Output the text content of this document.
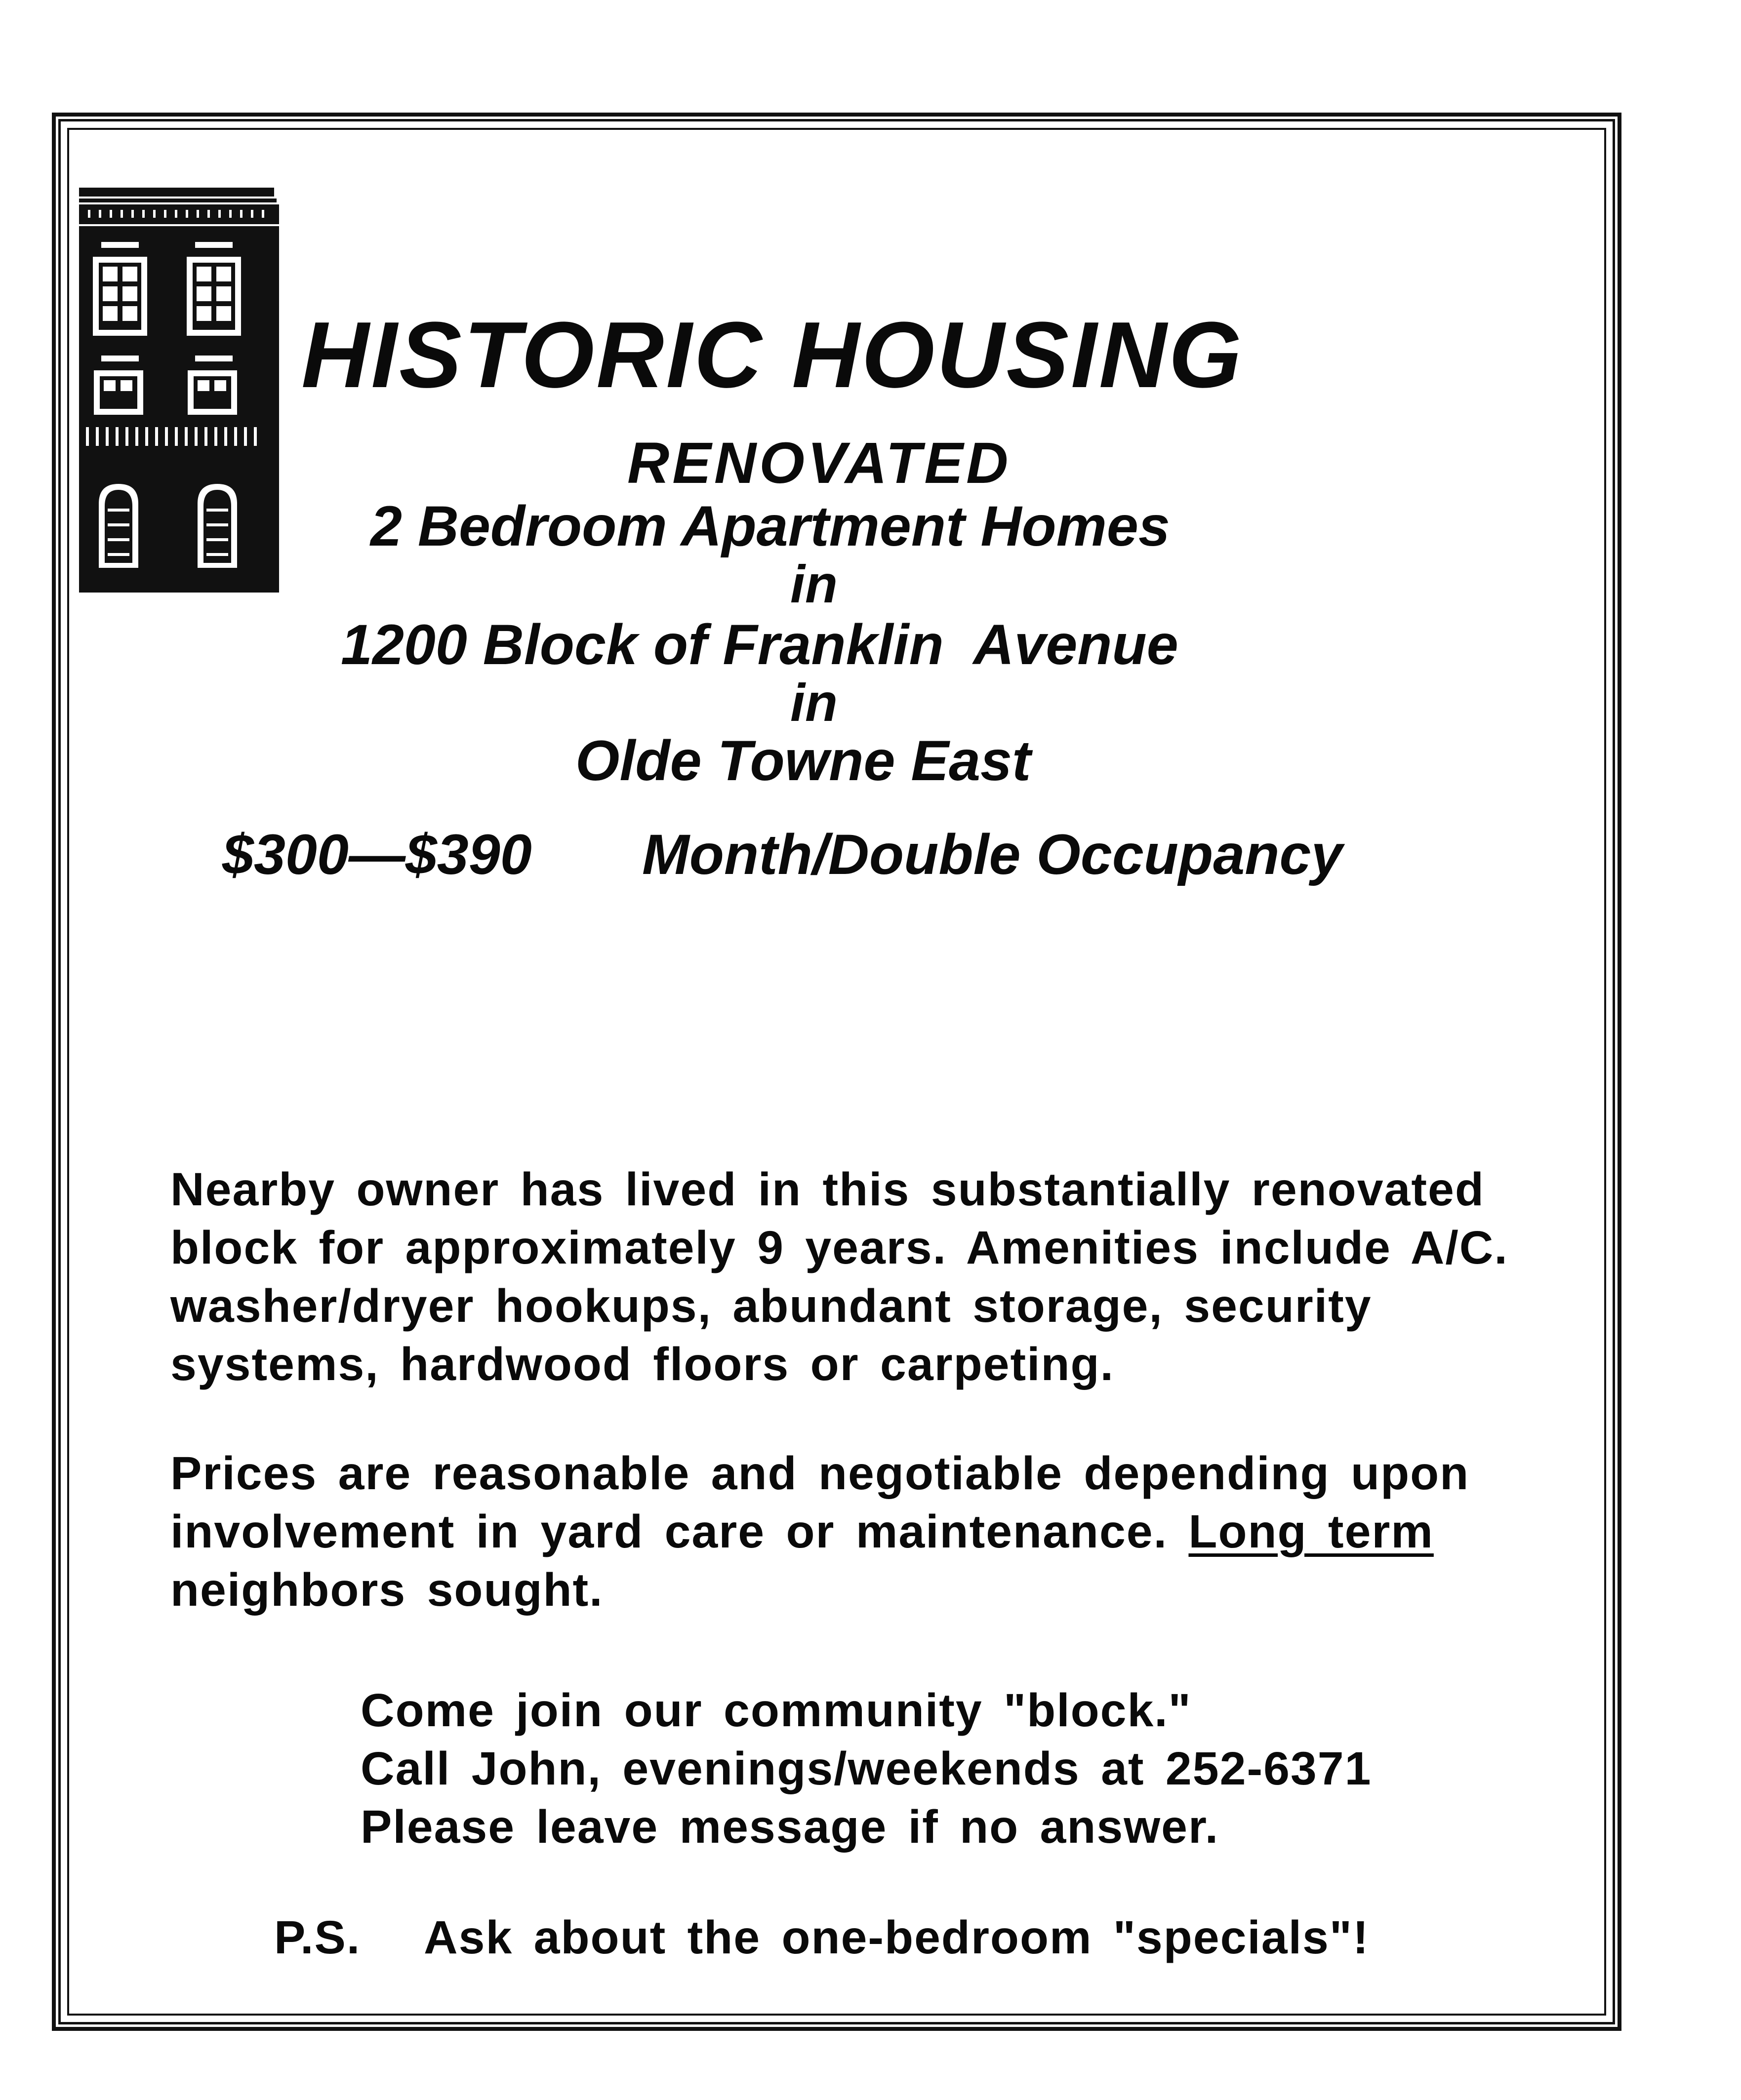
HISTORIC HOUSING
RENOVATED
2 Bedroom Apartment Homes
in
1200 Block of Franklin  Avenue
in
Olde Towne East
$300—$390 Month/Double Occupancy
Nearby owner has lived in this substantially renovated
block for approximately 9 years. Amenities include A/C.
washer/dryer hookups, abundant storage, security
systems, hardwood floors or carpeting.
Prices are reasonable and negotiable depending upon
involvement in yard care or maintenance. Long term
neighbors sought.
Come join our community "block."
Call John, evenings/weekends at 252-6371
Please leave message if no answer.
P.S. Ask about the one-bedroom "specials"!
